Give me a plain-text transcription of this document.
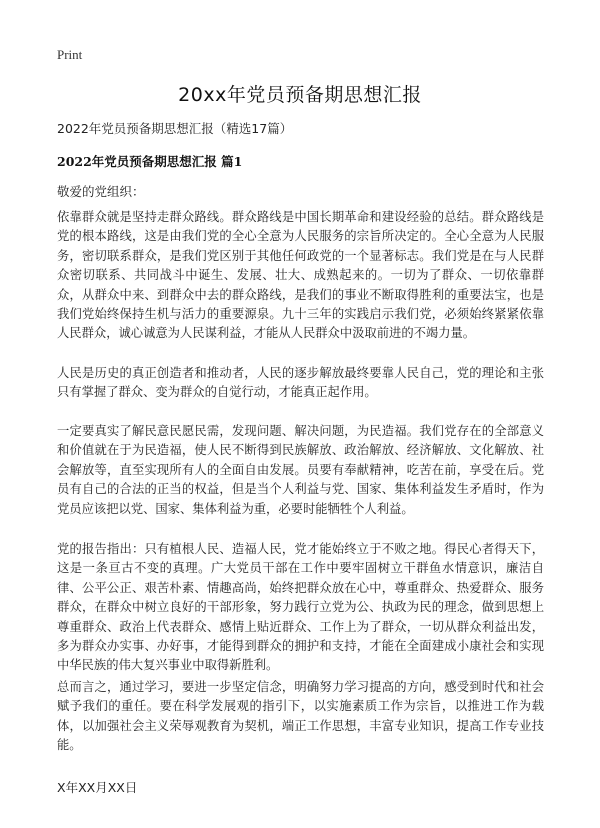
Print
20xx年党员预备期思想汇报
2022年党员预备期思想汇报（精选17篇）
2022年党员预备期思想汇报 篇1
敬爱的党组织：
依靠群众就是坚持走群众路线。群众路线是中国长期革命和建设经验的总结。群众路线是党的根本路线，这是由我们党的全心全意为人民服务的宗旨所决定的。全心全意为人民服务，密切联系群众，是我们党区别于其他任何政党的一个显著标志。我们党是在与人民群众密切联系、共同战斗中诞生、发展、壮大、成熟起来的。一切为了群众、一切依靠群众，从群众中来、到群众中去的群众路线，是我们的事业不断取得胜利的重要法宝，也是我们党始终保持生机与活力的重要源泉。九十三年的实践启示我们党，必须始终紧紧依靠人民群众，诚心诚意为人民谋利益，才能从人民群众中汲取前进的不竭力量。
人民是历史的真正创造者和推动者，人民的逐步解放最终要靠人民自己，党的理论和主张只有掌握了群众、变为群众的自觉行动，才能真正起作用。
一定要真实了解民意民愿民需，发现问题、解决问题，为民造福。我们党存在的全部意义和价值就在于为民造福，使人民不断得到民族解放、政治解放、经济解放、文化解放、社会解放等，直至实现所有人的全面自由发展。员要有奉献精神，吃苦在前，享受在后。党员有自己的合法的正当的权益，但是当个人利益与党、国家、集体利益发生矛盾时，作为党员应该把以党、国家、集体利益为重，必要时能牺牲个人利益。
党的报告指出：只有植根人民、造福人民，党才能始终立于不败之地。得民心者得天下，这是一条亘古不变的真理。广大党员干部在工作中要牢固树立干群鱼水情意识，廉洁自律、公平公正、艰苦朴素、情趣高尚，始终把群众放在心中，尊重群众、热爱群众、服务群众，在群众中树立良好的干部形象，努力践行立党为公、执政为民的理念，做到思想上尊重群众、政治上代表群众、感情上贴近群众、工作上为了群众，一切从群众利益出发，多为群众办实事、办好事，才能得到群众的拥护和支持，才能在全面建成小康社会和实现中华民族的伟大复兴事业中取得新胜利。
总而言之，通过学习，要进一步坚定信念，明确努力学习提高的方向，感受到时代和社会赋予我们的重任。要在科学发展观的指引下，以实施素质工作为宗旨，以推进工作为载体，以加强社会主义荣辱观教育为契机，端正工作思想，丰富专业知识，提高工作专业技能。
X年XX月XX日
